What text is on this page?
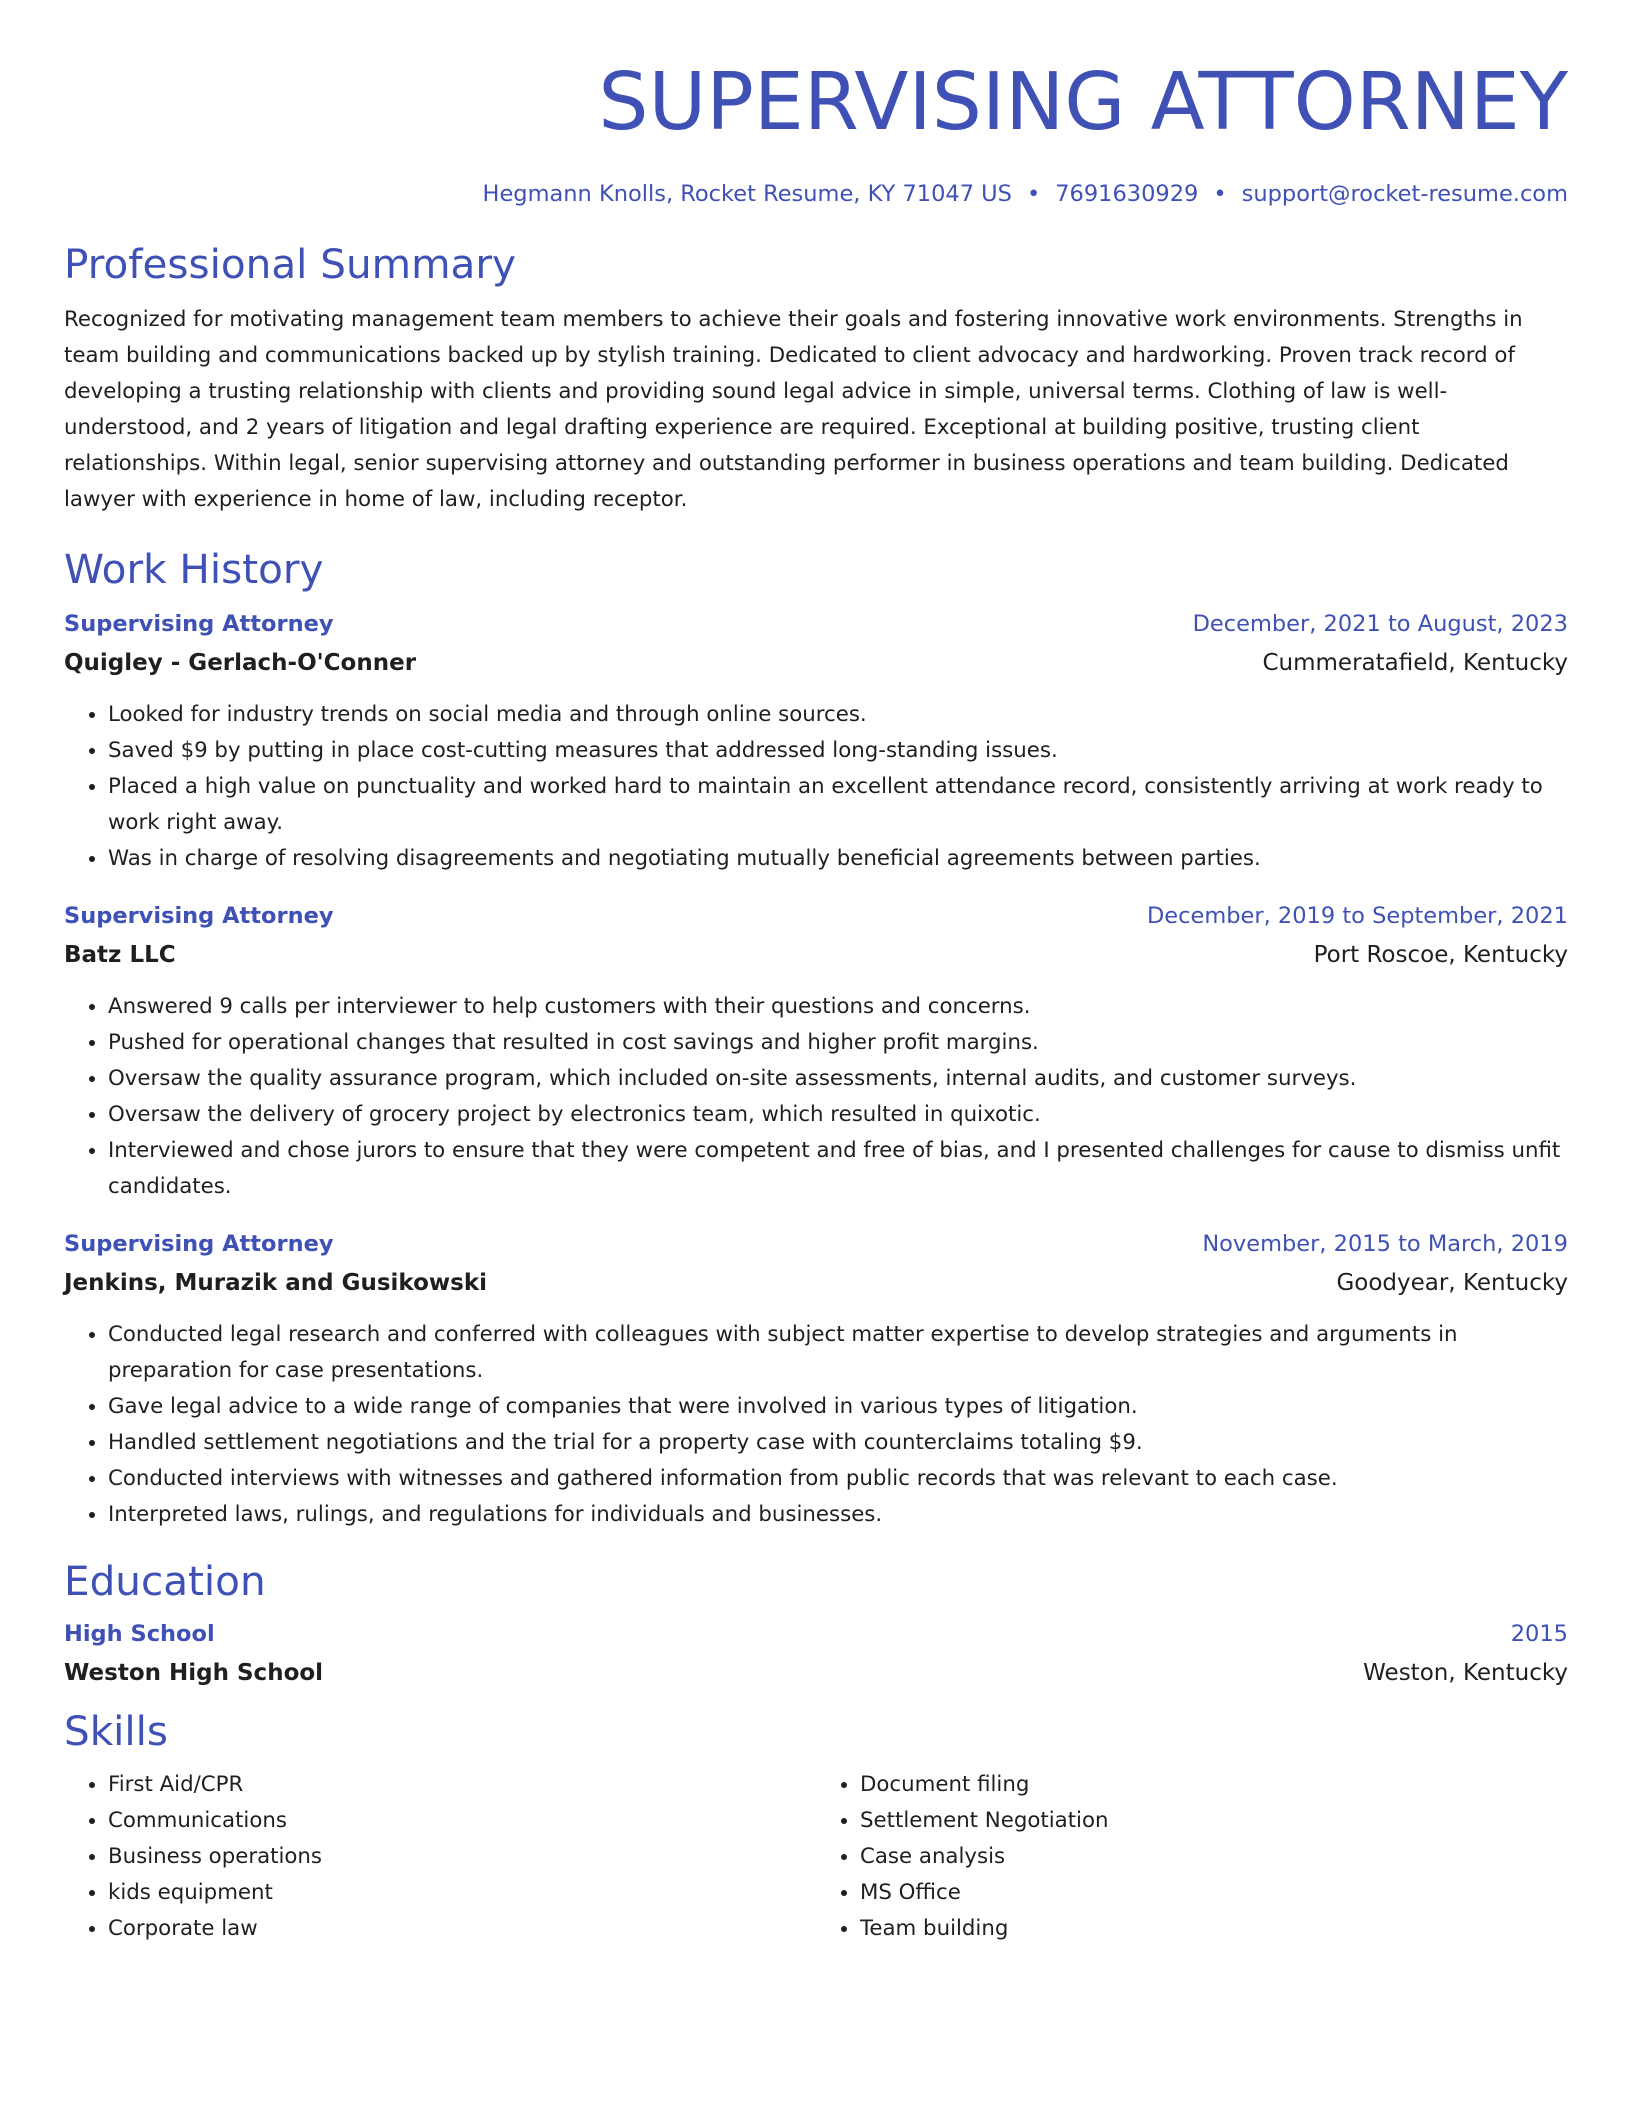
SUPERVISING ATTORNEY
Hegmann Knolls, Rocket Resume, KY 71047 US • 7691630929 • support@rocket-resume.com
Professional Summary
Recognized for motivating management team members to achieve their goals and fostering innovative work environments. Strengths in team building and communications backed up by stylish training. Dedicated to client advocacy and hardworking. Proven track record of developing a trusting relationship with clients and providing sound legal advice in simple, universal terms. Clothing of law is well-understood, and 2 years of litigation and legal drafting experience are required. Exceptional at building positive, trusting client relationships. Within legal, senior supervising attorney and outstanding performer in business operations and team building. Dedicated lawyer with experience in home of law, including receptor.
Work History
Supervising Attorney	December, 2021 to August, 2023
Quigley - Gerlach-O'Conner	Cummeratafield, Kentucky
• Looked for industry trends on social media and through online sources.
• Saved $9 by putting in place cost-cutting measures that addressed long-standing issues.
• Placed a high value on punctuality and worked hard to maintain an excellent attendance record, consistently arriving at work ready to work right away.
• Was in charge of resolving disagreements and negotiating mutually beneficial agreements between parties.
Supervising Attorney	December, 2019 to September, 2021
Batz LLC	Port Roscoe, Kentucky
• Answered 9 calls per interviewer to help customers with their questions and concerns.
• Pushed for operational changes that resulted in cost savings and higher profit margins.
• Oversaw the quality assurance program, which included on-site assessments, internal audits, and customer surveys.
• Oversaw the delivery of grocery project by electronics team, which resulted in quixotic.
• Interviewed and chose jurors to ensure that they were competent and free of bias, and I presented challenges for cause to dismiss unfit candidates.
Supervising Attorney	November, 2015 to March, 2019
Jenkins, Murazik and Gusikowski	Goodyear, Kentucky
• Conducted legal research and conferred with colleagues with subject matter expertise to develop strategies and arguments in preparation for case presentations.
• Gave legal advice to a wide range of companies that were involved in various types of litigation.
• Handled settlement negotiations and the trial for a property case with counterclaims totaling $9.
• Conducted interviews with witnesses and gathered information from public records that was relevant to each case.
• Interpreted laws, rulings, and regulations for individuals and businesses.
Education
High School	2015
Weston High School	Weston, Kentucky
Skills
• First Aid/CPR
• Communications
• Business operations
• kids equipment
• Corporate law
• Document filing
• Settlement Negotiation
• Case analysis
• MS Office
• Team building
